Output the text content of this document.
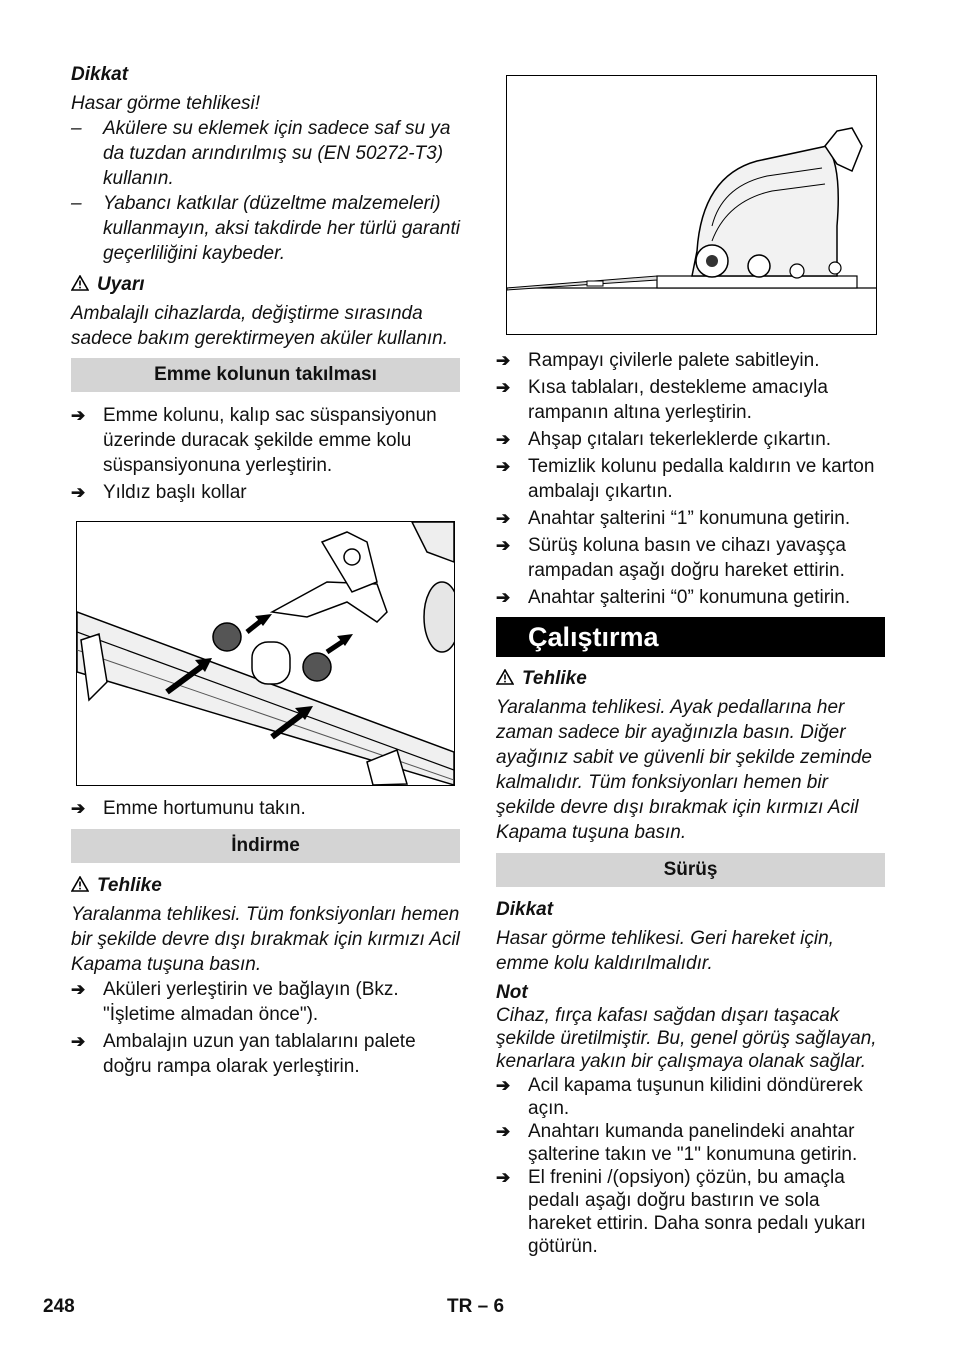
Dikkat

Hasar görme tehlikesi!

– Akülere su eklemek için sadece saf su ya da tuzdan arındırılmış su (EN 50272-T3) kullanın.

– Yabancı katkılar (düzeltme malzemeleri) kullanmayın, aksi takdirde her türlü garanti geçerliliğini kaybeder.

Uyarı

Ambalajlı cihazlarda, değiştirme sırasında sadece bakım gerektirmeyen aküler kullanın.

Emme kolunun takılması

➔ Emme kolunu, kalıp sac süspansiyonun üzerinde duracak şekilde emme kolu süspansiyonuna yerleştirin.

➔ Yıldız başlı kollar

➔ Emme hortumunu takın.

İndirme

Tehlike

Yaralanma tehlikesi. Tüm fonksiyonları hemen bir şekilde devre dışı bırakmak için kırmızı Acil Kapama tuşuna basın.

➔ Aküleri yerleştirin ve bağlayın (Bkz. "İşletime almadan önce").

➔ Ambalajın uzun yan tablalarını palete doğru rampa olarak yerleştirin.

➔ Rampayı çivilerle palete sabitleyin.

➔ Kısa tablaları, destekleme amacıyla rampanın altına yerleştirin.

➔ Ahşap çıtaları tekerleklerde çıkartın.

➔ Temizlik kolunu pedalla kaldırın ve karton ambalajı çıkartın.

➔ Anahtar şalterini “1” konumuna getirin.

➔ Sürüş koluna basın ve cihazı yavaşça rampadan aşağı doğru hareket ettirin.

➔ Anahtar şalterini “0” konumuna getirin.

Çalıştırma

Tehlike

Yaralanma tehlikesi. Ayak pedallarına her zaman sadece bir ayağınızla basın. Diğer ayağınız sabit ve güvenli bir şekilde zeminde kalmalıdır. Tüm fonksiyonları hemen bir şekilde devre dışı bırakmak için kırmızı Acil Kapama tuşuna basın.

Sürüş

Dikkat

Hasar görme tehlikesi. Geri hareket için, emme kolu kaldırılmalıdır.

Not

Cihaz, fırça kafası sağdan dışarı taşacak şekilde üretilmiştir. Bu, genel görüş sağlayan, kenarlara yakın bir çalışmaya olanak sağlar.

➔ Acil kapama tuşunun kilidini döndürerek açın.

➔ Anahtarı kumanda panelindeki anahtar şalterine takın ve "1" konumuna getirin.

➔ El frenini /(opsiyon) çözün, bu amaçla pedalı aşağı doğru bastırın ve sola hareket ettirin. Daha sonra pedalı yukarı götürün.

248	TR – 6
